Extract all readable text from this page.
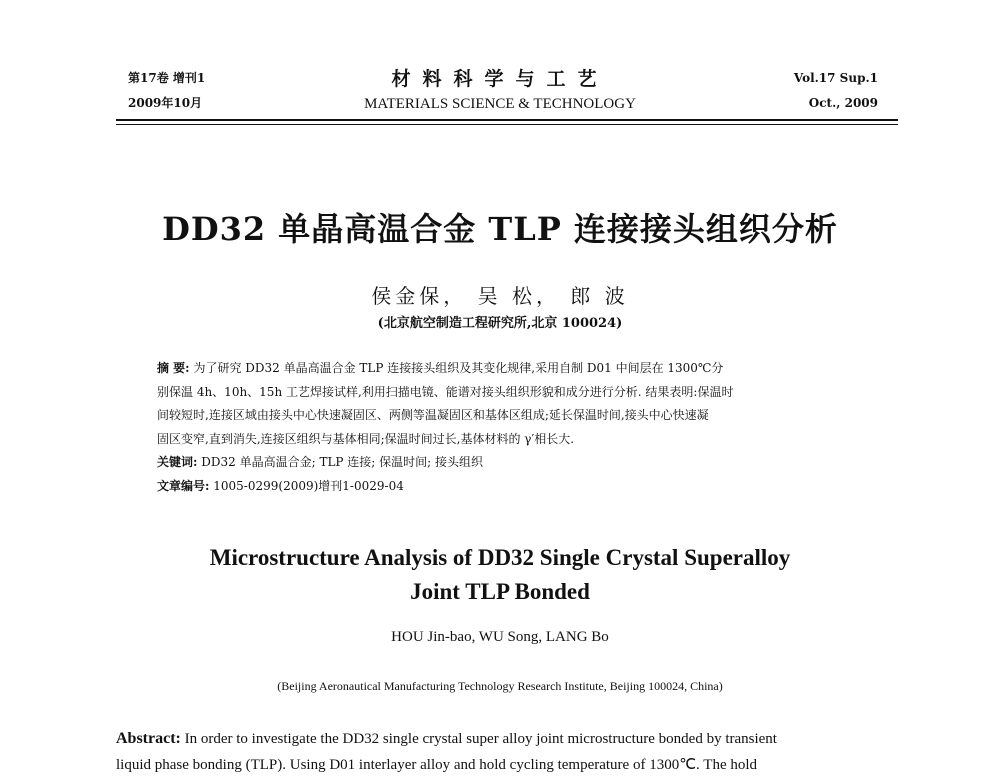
第17卷 增刊1
2009年10月
材料科学与工艺
MATERIALS SCIENCE & TECHNOLOGY
Vol.17 Sup.1
Oct., 2009
DD32 单晶高温合金 TLP 连接接头组织分析
侯金保， 吴 松， 郎 波
(北京航空制造工程研究所,北京 100024)
摘 要: 为了研究 DD32 单晶高温合金 TLP 连接接头组织及其变化规律,采用自制 D01 中间层在 1300℃分
别保温 4h、10h、15h 工艺焊接试样,利用扫描电镜、能谱对接头组织形貌和成分进行分析. 结果表明:保温时
间较短时,连接区域由接头中心快速凝固区、两侧等温凝固区和基体区组成;延长保温时间,接头中心快速凝
固区变窄,直到消失,连接区组织与基体相同;保温时间过长,基体材料的 γ′相长大.
关键词: DD32 单晶高温合金; TLP 连接; 保温时间; 接头组织
文章编号: 1005-0299(2009)增刊1-0029-04
Microstructure Analysis of DD32 Single Crystal Superalloy
Joint TLP Bonded
HOU Jin-bao, WU Song, LANG Bo
(Beijing Aeronautical Manufacturing Technology Research Institute, Beijing 100024, China)
Abstract: In order to investigate the DD32 single crystal super alloy joint microstructure bonded by transient
liquid phase bonding (TLP). Using D01 interlayer alloy and hold cycling temperature of 1300℃. The hold
